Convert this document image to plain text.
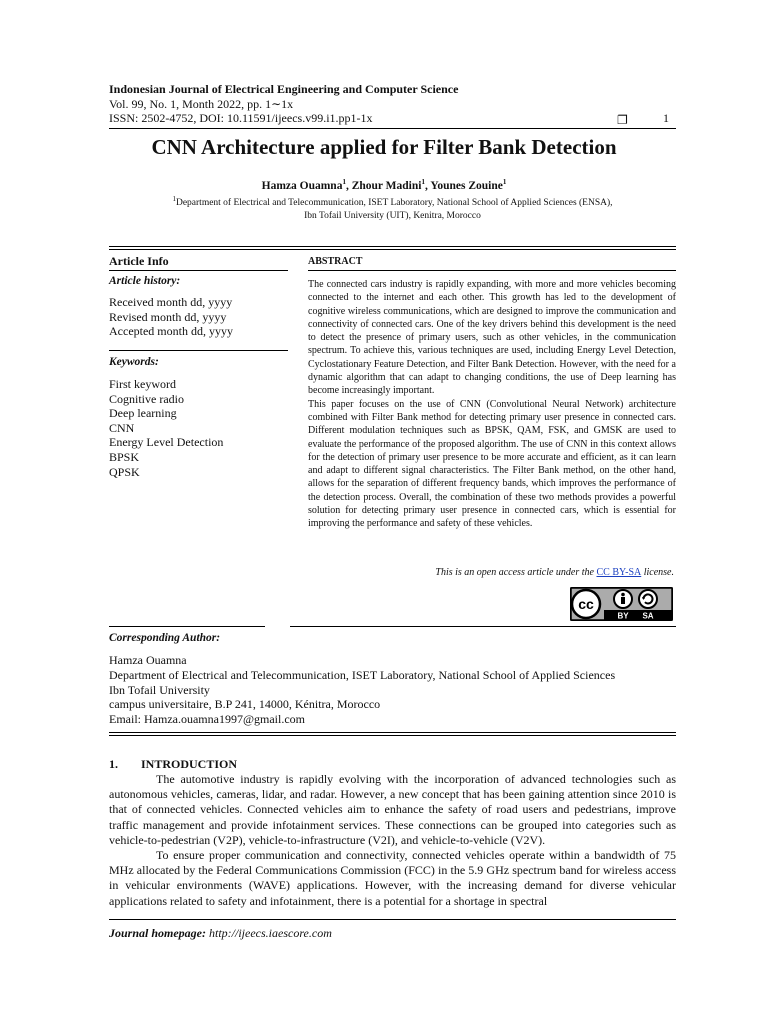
Indonesian Journal of Electrical Engineering and Computer Science
Vol. 99, No. 1, Month 2022, pp. 1∼1x
ISSN: 2502-4752, DOI: 10.11591/ijeecs.v99.i1.pp1-1x	❐	1
CNN Architecture applied for Filter Bank Detection
Hamza Ouamna$^1$, Zhour Madini$^1$, Younes Zouine$^1$
$^1$Department of Electrical and Telecommunication, ISET Laboratory, National School of Applied Sciences (ENSA),
Ibn Tofail University (UIT), Kenitra, Morocco
Article Info
Article history:
Received month dd, yyyy
Revised month dd, yyyy
Accepted month dd, yyyy
Keywords:
First keyword
Cognitive radio
Deep learning
CNN
Energy Level Detection
BPSK
QPSK
ABSTRACT

The connected cars industry is rapidly expanding, with more and more vehicles becoming connected to the internet and each other. This growth has led to the development of cognitive wireless communications, which are designed to improve the communication and connectivity of connected cars. One of the key drivers behind this development is the need to detect the presence of primary users, such as other vehicles, in the communication spectrum. To achieve this, various techniques are used, including Energy Level Detection, Cyclostationary Feature Detection, and Filter Bank Detection. However, with the need for a dynamic algorithm that can adapt to changing conditions, the use of Deep learning has become increasingly important.

This paper focuses on the use of CNN (Convolutional Neural Network) architecture combined with Filter Bank method for detecting primary user presence in connected cars. Different modulation techniques such as BPSK, QAM, FSK, and GMSK are used to evaluate the performance of the proposed algorithm. The use of CNN in this context allows for the detection of primary user presence to be more accurate and efficient, as it can learn and adapt to different signal characteristics. The Filter Bank method, on the other hand, allows for the separation of different frequency bands, which improves the performance of the detection process. Overall, the combination of these two methods provides a powerful solution for detecting primary user presence in connected cars, which is essential for improving the performance and safety of these vehicles.

This is an open access article under the CC BY-SA license.
cc
BY SA
Corresponding Author:
Hamza Ouamna
Department of Electrical and Telecommunication, ISET Laboratory, National School of Applied Sciences
Ibn Tofail University
campus universitaire, B.P 241, 14000, Kénitra, Morocco
Email: Hamza.ouamna1997@gmail.com
1. INTRODUCTION

The automotive industry is rapidly evolving with the incorporation of advanced technologies such as autonomous vehicles, cameras, lidar, and radar. However, a new concept that has been gaining attention since 2010 is that of connected vehicles. Connected vehicles aim to enhance the safety of road users and pedestrians, improve traffic management and provide infotainment services. These connections can be grouped into categories such as vehicle-to-pedestrian (V2P), vehicle-to-infrastructure (V2I), and vehicle-to-vehicle (V2V).

To ensure proper communication and connectivity, connected vehicles operate within a bandwidth of 75 MHz allocated by the Federal Communications Commission (FCC) in the 5.9 GHz spectrum band for wireless access in vehicular environments (WAVE) applications. However, with the increasing demand for diverse vehicular applications related to safety and infotainment, there is a potential for a shortage in spectral

Journal homepage: http://ijeecs.iaescore.com
